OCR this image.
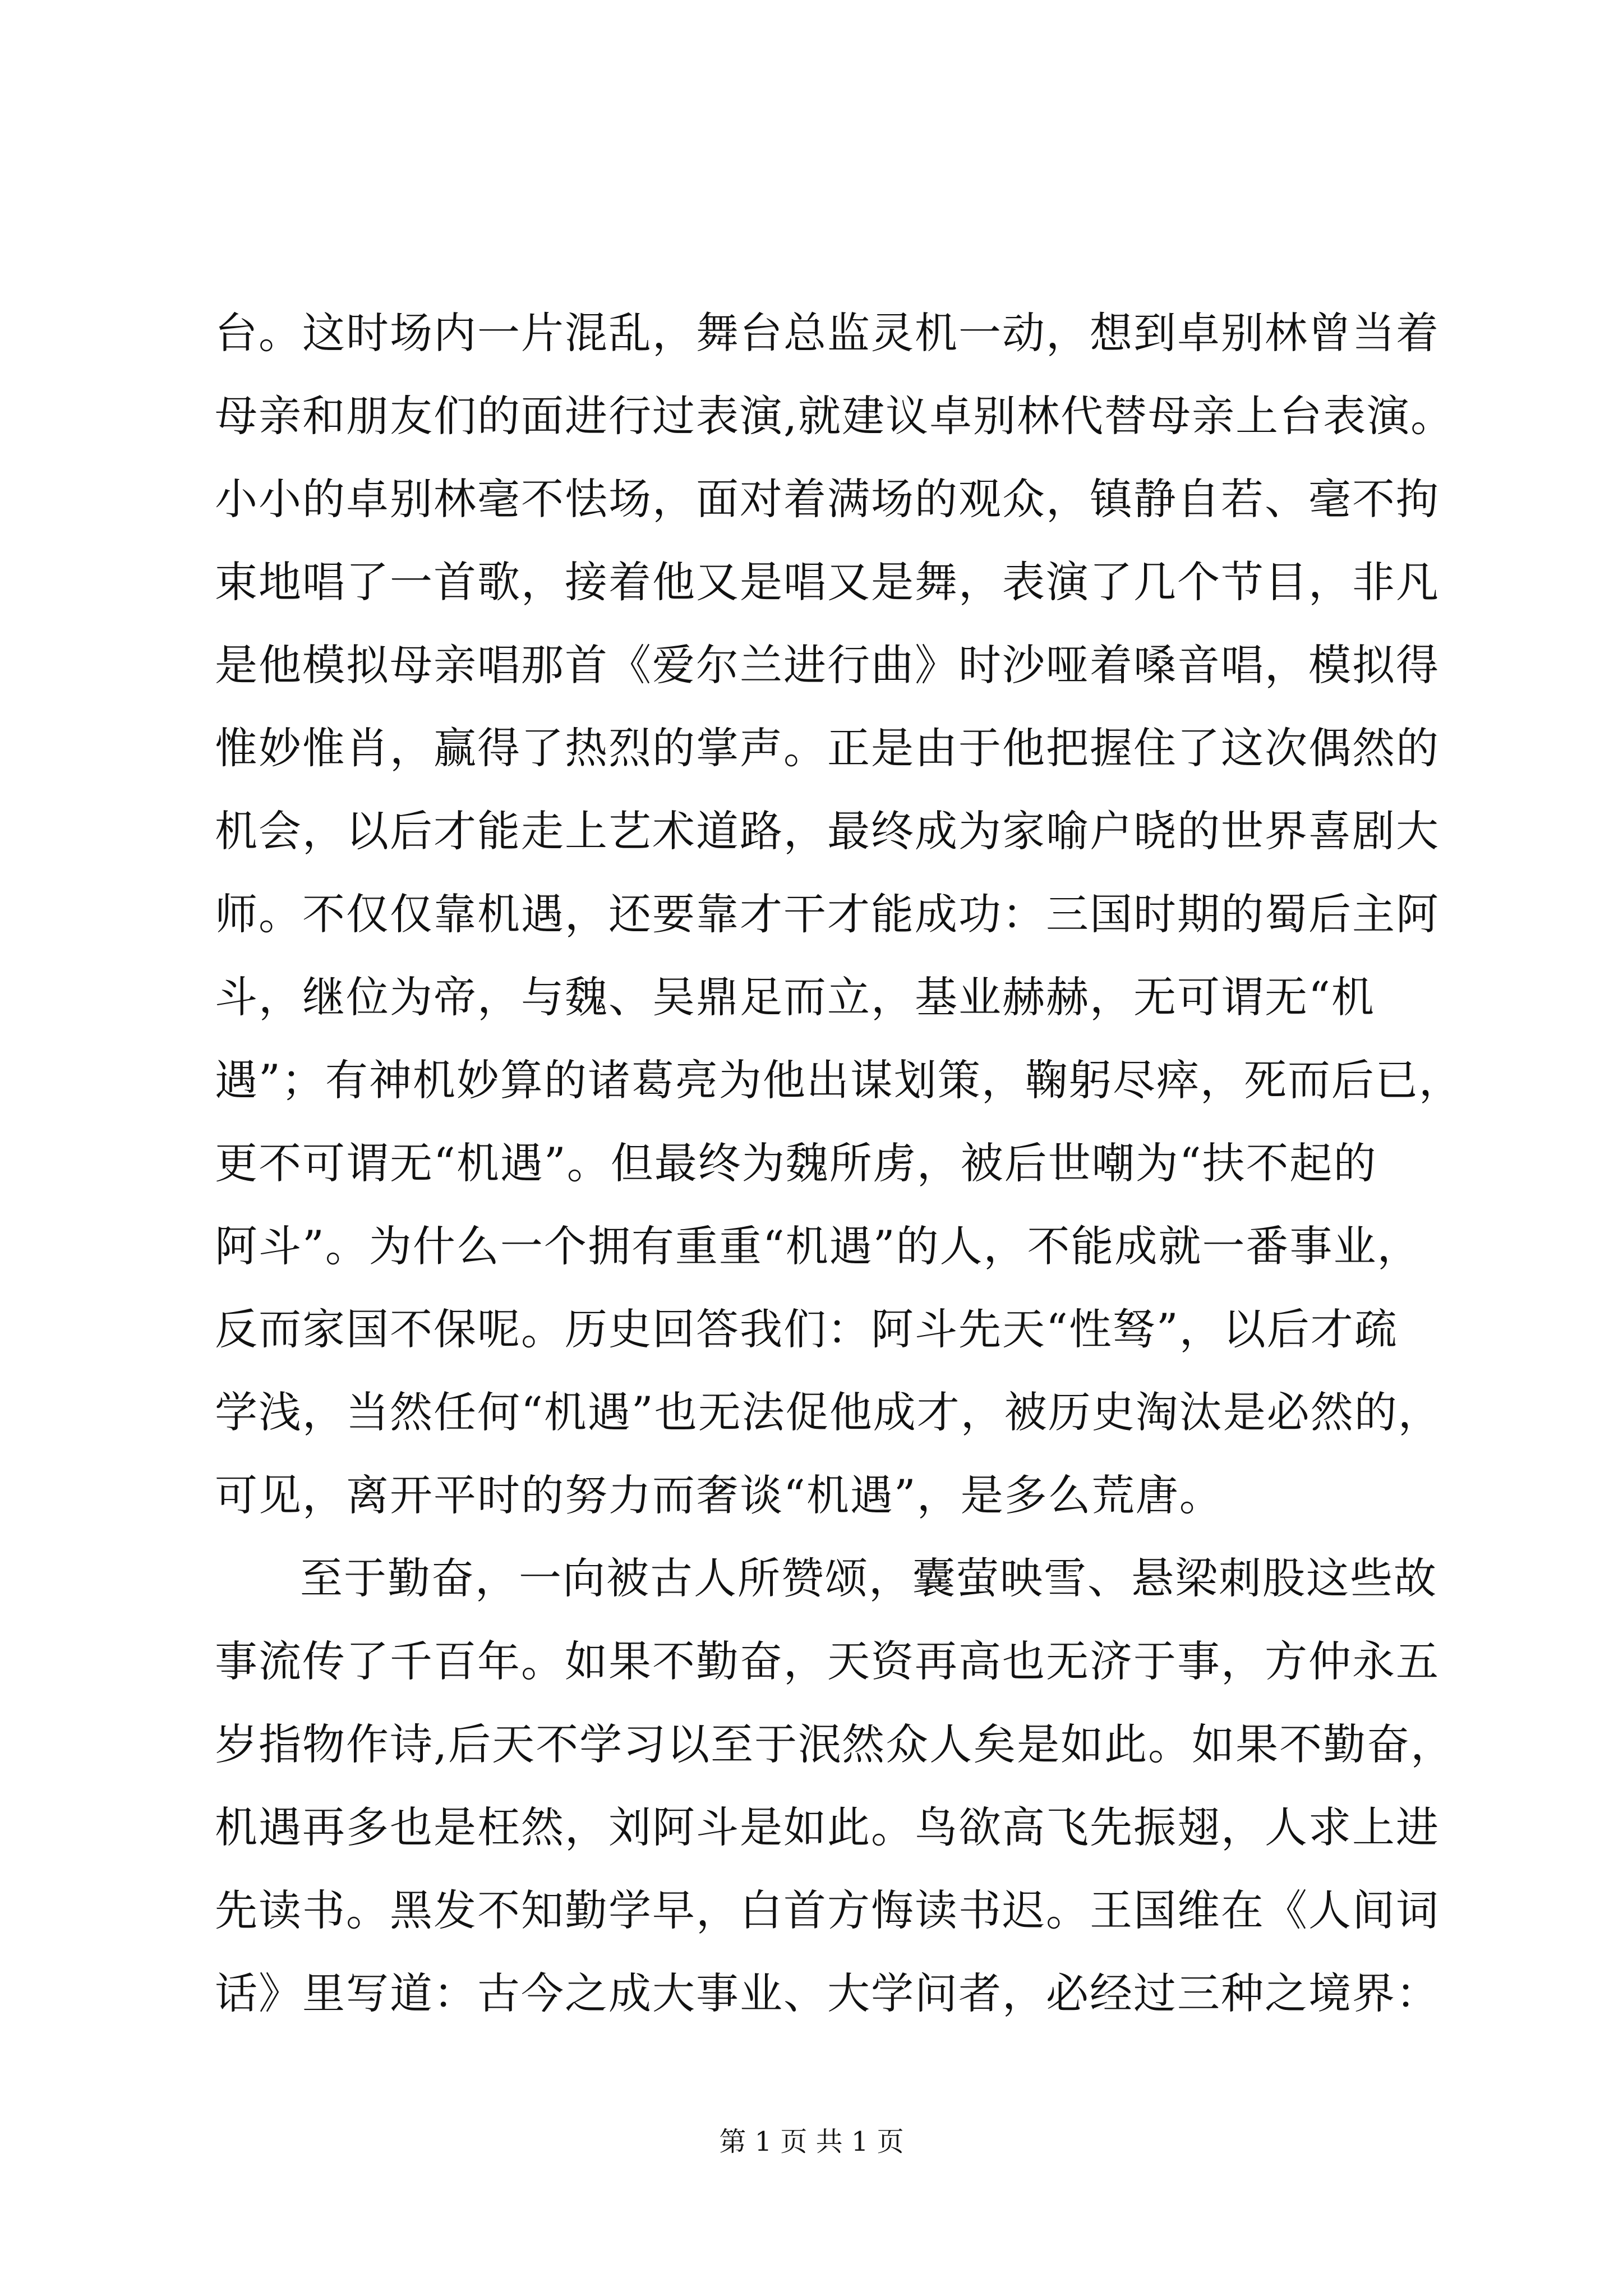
台。这时场内一片混乱，舞台总监灵机一动，想到卓别林曾当着
母亲和朋友们的面进行过表演,就建议卓别林代替母亲上台表演。
小小的卓别林毫不怯场，面对着满场的观众，镇静自若、毫不拘
束地唱了一首歌，接着他又是唱又是舞，表演了几个节目，非凡
是他模拟母亲唱那首《爱尔兰进行曲》时沙哑着嗓音唱，模拟得
惟妙惟肖，赢得了热烈的掌声。正是由于他把握住了这次偶然的
机会，以后才能走上艺术道路，最终成为家喻户晓的世界喜剧大
师。不仅仅靠机遇，还要靠才干才能成功：三国时期的蜀后主阿
斗，继位为帝，与魏、吴鼎足而立，基业赫赫，无可谓无“机
遇”；有神机妙算的诸葛亮为他出谋划策，鞠躬尽瘁，死而后已，
更不可谓无“机遇”。但最终为魏所虏，被后世嘲为“扶不起的
阿斗”。为什么一个拥有重重“机遇”的人，不能成就一番事业，
反而家国不保呢。历史回答我们：阿斗先天“性驽”，以后才疏
学浅，当然任何“机遇”也无法促他成才，被历史淘汰是必然的，
可见，离开平时的努力而奢谈“机遇”，是多么荒唐。
至于勤奋，一向被古人所赞颂，囊萤映雪、悬梁刺股这些故
事流传了千百年。如果不勤奋，天资再高也无济于事，方仲永五
岁指物作诗,后天不学习以至于泯然众人矣是如此。如果不勤奋，
机遇再多也是枉然，刘阿斗是如此。鸟欲高飞先振翅，人求上进
先读书。黑发不知勤学早，白首方悔读书迟。王国维在《人间词
话》里写道：古今之成大事业、大学问者，必经过三种之境界：
第 1 页 共 1 页
